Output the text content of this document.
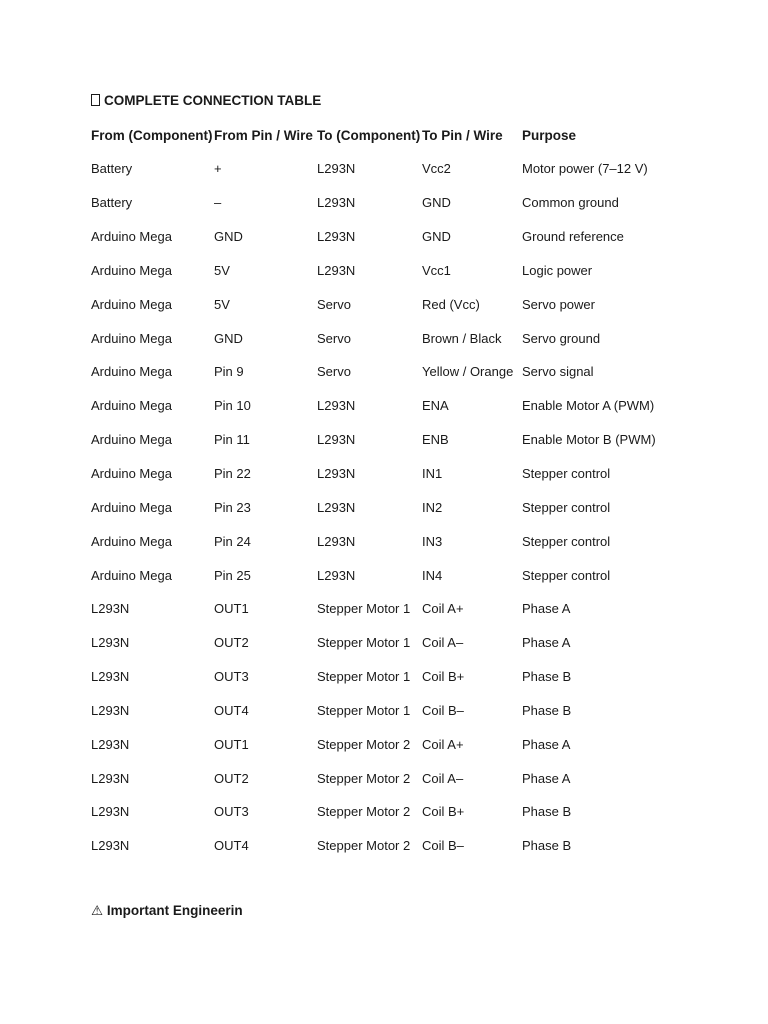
COMPLETE CONNECTION TABLE
From (Component)	From Pin / Wire	To (Component)	To Pin / Wire	Purpose
Battery	+	L293N	Vcc2	Motor power (7–12 V)
Battery	–	L293N	GND	Common ground
Arduino Mega	GND	L293N	GND	Ground reference
Arduino Mega	5V	L293N	Vcc1	Logic power
Arduino Mega	5V	Servo	Red (Vcc)	Servo power
Arduino Mega	GND	Servo	Brown / Black	Servo ground
Arduino Mega	Pin 9	Servo	Yellow / Orange	Servo signal
Arduino Mega	Pin 10	L293N	ENA	Enable Motor A (PWM)
Arduino Mega	Pin 11	L293N	ENB	Enable Motor B (PWM)
Arduino Mega	Pin 22	L293N	IN1	Stepper control
Arduino Mega	Pin 23	L293N	IN2	Stepper control
Arduino Mega	Pin 24	L293N	IN3	Stepper control
Arduino Mega	Pin 25	L293N	IN4	Stepper control
L293N	OUT1	Stepper Motor 1	Coil A+	Phase A
L293N	OUT2	Stepper Motor 1	Coil A–	Phase A
L293N	OUT3	Stepper Motor 1	Coil B+	Phase B
L293N	OUT4	Stepper Motor 1	Coil B–	Phase B
L293N	OUT1	Stepper Motor 2	Coil A+	Phase A
L293N	OUT2	Stepper Motor 2	Coil A–	Phase A
L293N	OUT3	Stepper Motor 2	Coil B+	Phase B
L293N	OUT4	Stepper Motor 2	Coil B–	Phase B
⚠ Important Engineerin
